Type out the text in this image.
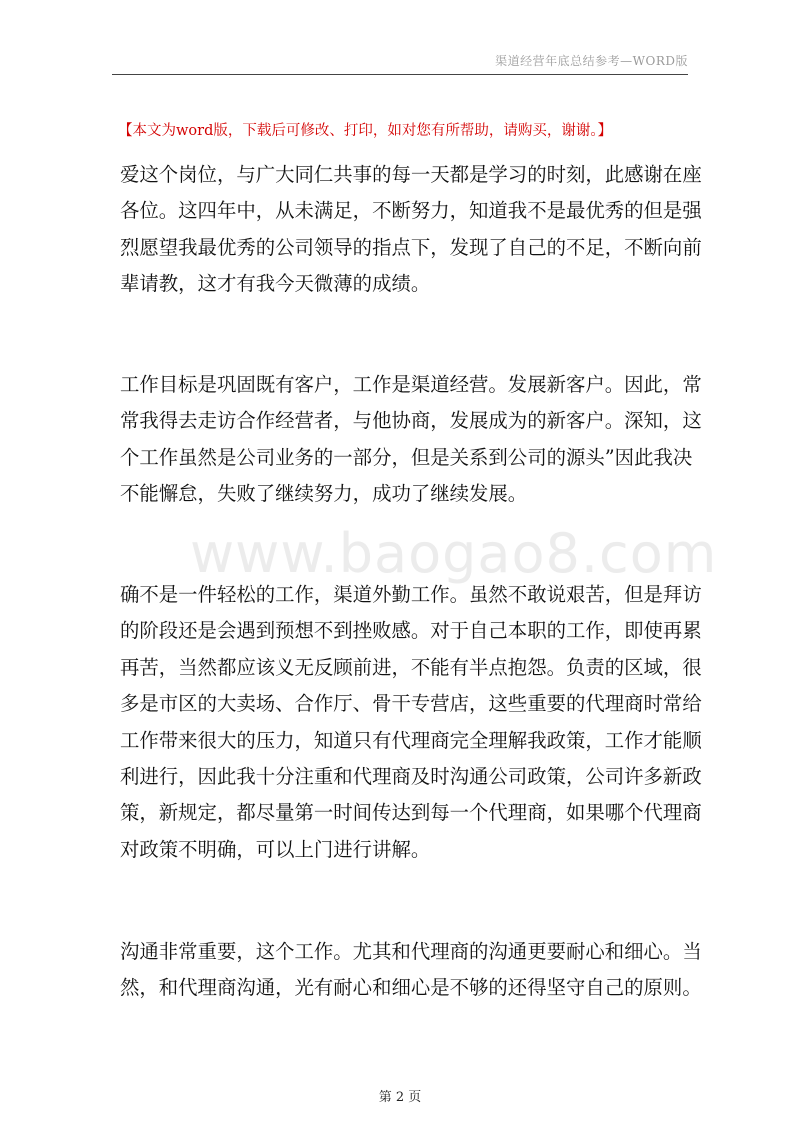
渠道经营年底总结参考—WORD版
【本文为word版，下载后可修改、打印，如对您有所帮助，请购买，谢谢。】
www.baogao8.com
爱这个岗位，与广大同仁共事的每一天都是学习的时刻，此感谢在座
各位。这四年中，从未满足，不断努力，知道我不是最优秀的但是强
烈愿望我最优秀的公司领导的指点下，发现了自己的不足，不断向前
辈请教，这才有我今天微薄的成绩。
工作目标是巩固既有客户，工作是渠道经营。发展新客户。因此，常
常我得去走访合作经营者，与他协商，发展成为的新客户。深知，这
个工作虽然是公司业务的一部分，但是关系到公司的源头”因此我决
不能懈怠，失败了继续努力，成功了继续发展。
确不是一件轻松的工作，渠道外勤工作。虽然不敢说艰苦，但是拜访
的阶段还是会遇到预想不到挫败感。对于自己本职的工作，即使再累
再苦，当然都应该义无反顾前进，不能有半点抱怨。负责的区域，很
多是市区的大卖场、合作厅、骨干专营店，这些重要的代理商时常给
工作带来很大的压力，知道只有代理商完全理解我政策，工作才能顺
利进行，因此我十分注重和代理商及时沟通公司政策，公司许多新政
策，新规定，都尽量第一时间传达到每一个代理商，如果哪个代理商
对政策不明确，可以上门进行讲解。
沟通非常重要，这个工作。尤其和代理商的沟通更要耐心和细心。当
然，和代理商沟通，光有耐心和细心是不够的还得坚守自己的原则。
第 2 页
